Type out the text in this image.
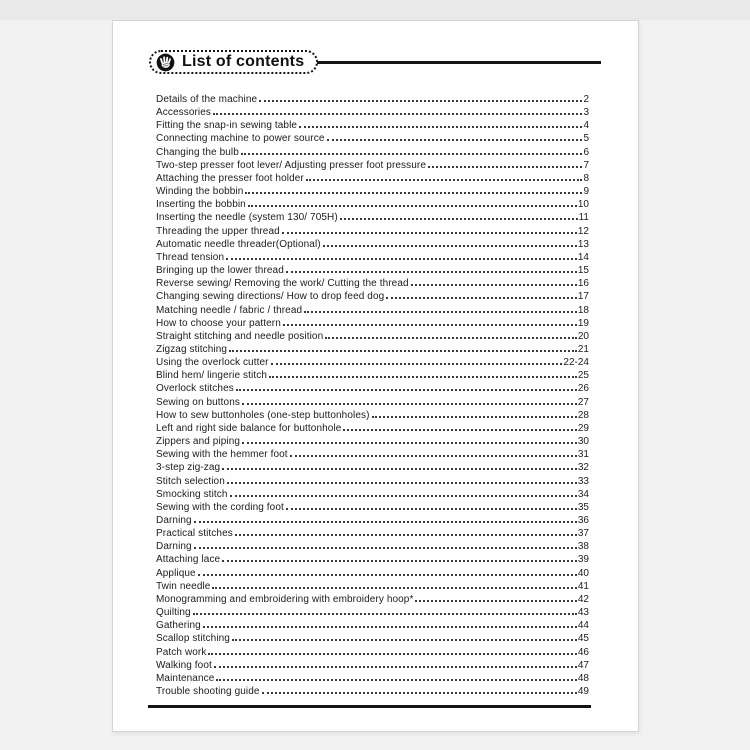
List of contents
Details of the machine	2
Accessories	3
Fitting the snap-in sewing table	4
Connecting machine to power source	5
Changing the bulb	6
Two-step presser foot lever/ Adjusting presser foot pressure	7
Attaching the presser foot holder	8
Winding the bobbin	9
Inserting the bobbin	10
Inserting the needle (system 130/ 705H)	11
Threading the upper thread	12
Automatic needle threader(Optional)	13
Thread tension	14
Bringing up the lower thread	15
Reverse sewing/ Removing the work/ Cutting the thread	16
Changing sewing directions/ How to drop feed dog	17
Matching needle / fabric / thread	18
How to choose your pattern	19
Straight stitching and needle position	20
Zigzag stitching	21
Using the overlock cutter	22-24
Blind hem/ lingerie stitch	25
Overlock stitches	26
Sewing on buttons	27
How to sew buttonholes (one-step buttonholes)	28
Left and right side balance for buttonhole	29
Zippers and piping	30
Sewing with the hemmer foot	31
3-step zig-zag	32
Stitch selection	33
Smocking stitch	34
Sewing with the cording foot	35
Darning	36
Practical stitches	37
Darning	38
Attaching lace	39
Applique	40
Twin needle	41
Monogramming and embroidering with embroidery hoop*	42
Quilting	43
Gathering	44
Scallop stitching	45
Patch work	46
Walking foot	47
Maintenance	48
Trouble shooting guide	49
